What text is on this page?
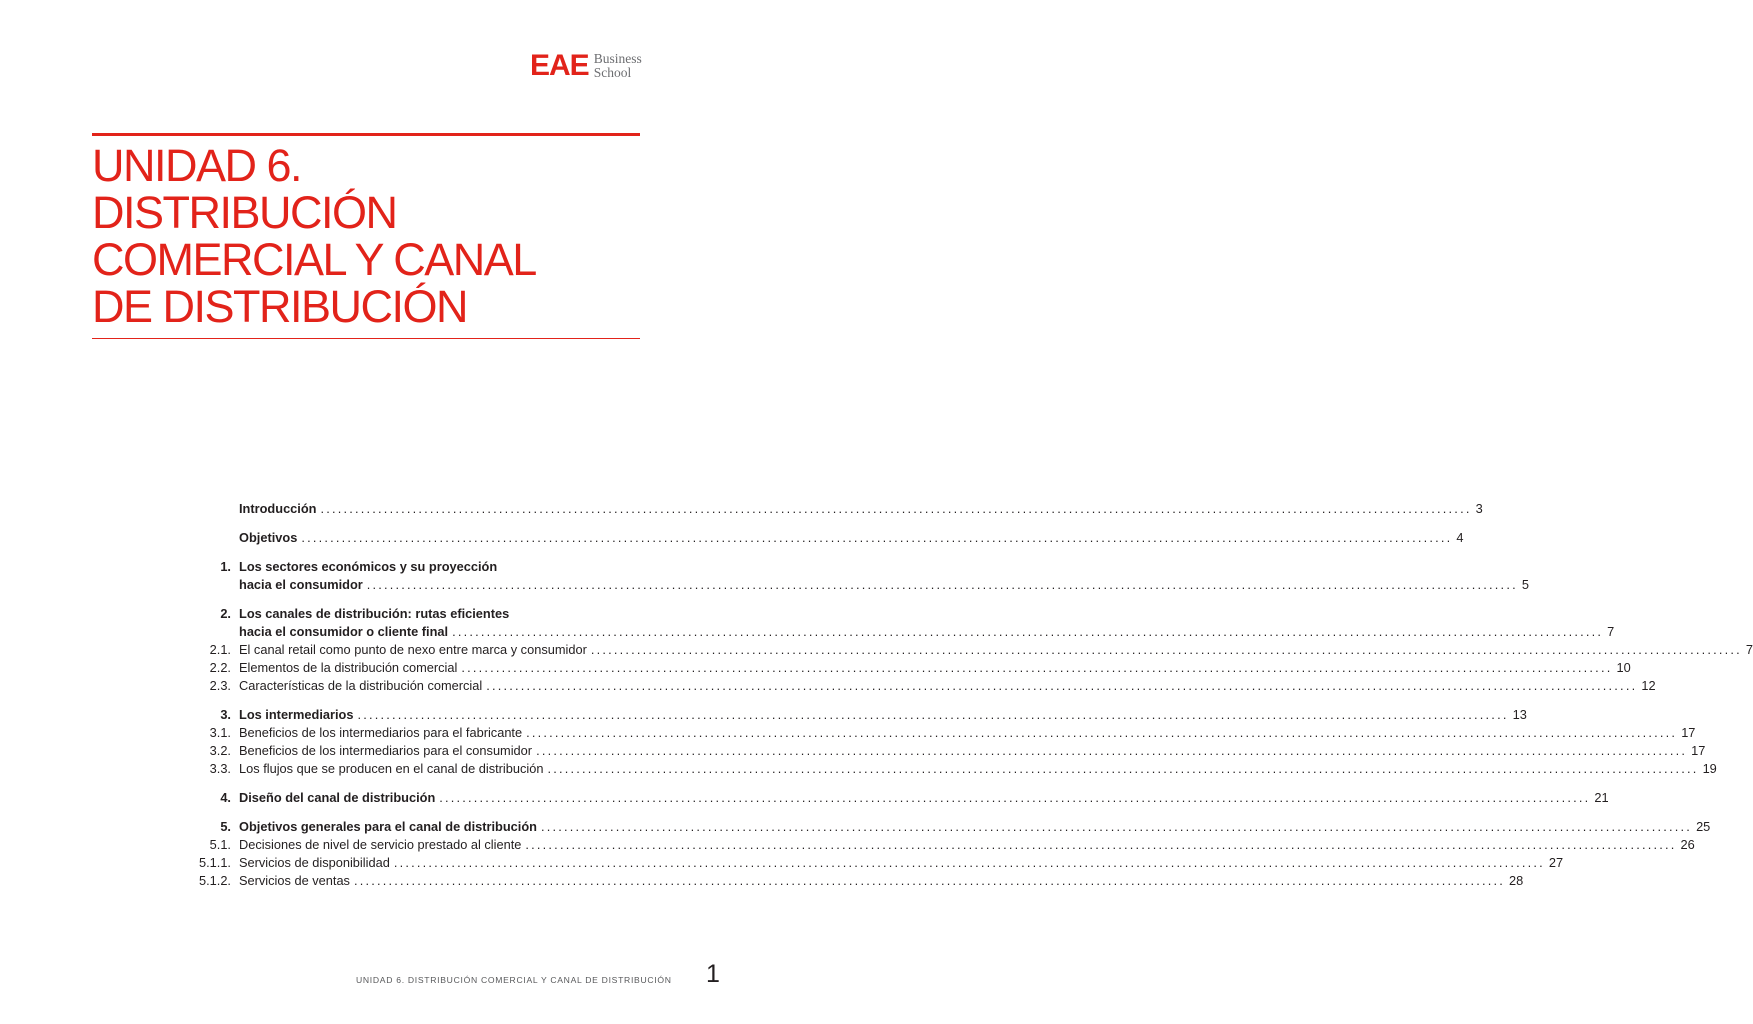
EAE Business
School
UNIDAD 6.
DISTRIBUCIÓN
COMERCIAL Y CANAL
DE DISTRIBUCIÓN
Introducción ........................................................................................................................................................................................................ 3
Objetivos ........................................................................................................................................................................................................ 4
1. Los sectores económicos y su proyección
hacia el consumidor ........................................................................................................................................................................................................ 5
2. Los canales de distribución: rutas eficientes
hacia el consumidor o cliente final ........................................................................................................................................................................................................ 7
2.1. El canal retail como punto de nexo entre marca y consumidor ........................................................................................................................................................................................................ 7
2.2. Elementos de la distribución comercial ........................................................................................................................................................................................................ 10
2.3. Características de la distribución comercial ........................................................................................................................................................................................................ 12
3. Los intermediarios ........................................................................................................................................................................................................ 13
3.1. Beneficios de los intermediarios para el fabricante ........................................................................................................................................................................................................ 17
3.2. Beneficios de los intermediarios para el consumidor ........................................................................................................................................................................................................ 17
3.3. Los flujos que se producen en el canal de distribución ........................................................................................................................................................................................................ 19
4. Diseño del canal de distribución ........................................................................................................................................................................................................ 21
5. Objetivos generales para el canal de distribución ........................................................................................................................................................................................................ 25
5.1. Decisiones de nivel de servicio prestado al cliente ........................................................................................................................................................................................................ 26
5.1.1. Servicios de disponibilidad ........................................................................................................................................................................................................ 27
5.1.2. Servicios de ventas ........................................................................................................................................................................................................ 28
UNIDAD 6. DISTRIBUCIÓN COMERCIAL Y CANAL DE DISTRIBUCIÓN 1
